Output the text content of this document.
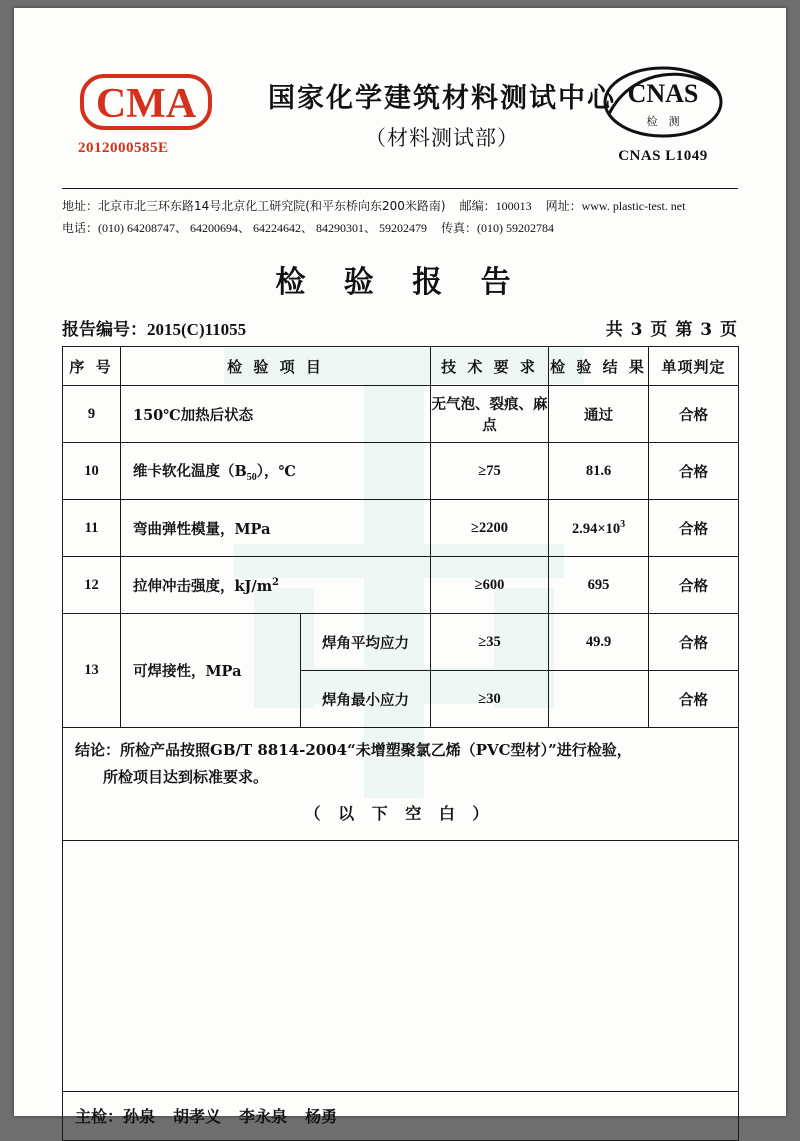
CMA
2012000585E
国家化学建筑材料测试中心
（材料测试部）
CNAS
检　测
CNAS L1049
地址：北京市北三环东路14号北京化工研究院(和平东桥向东200米路南) 邮编：100013 网址：www. plastic-test. net
电话：(010) 64208747、 64200694、 64224642、 84290301、 59202479 传真：(010) 59202784
检 验 报 告
报告编号：2015(C)11055	共 3 页 第 3 页
序 号	检 验 项 目		技 术 要 求	检 验 结 果	单项判定
9	150℃加热后状态		无气泡、裂痕、麻点	通过	合格
10	维卡软化温度$(B_{50})$，℃		≥75	81.6	合格
11	弯曲弹性模量，MPa		≥2200	$2.94\times 10^3$	合格
12	拉伸冲击强度，$kJ/m^2$		≥600	695	合格
13	可焊接性，MPa	焊角平均应力	≥35	49.9	合格
		焊角最小应力	≥30		合格
结论：所检产品按照GB/T 8814-2004“未增塑聚氯乙烯（PVC型材）”进行检验，
所检项目达到标准要求。
（ 以 下 空 白 ）					

主检：孙泉 胡孝义 李永泉 杨勇					
